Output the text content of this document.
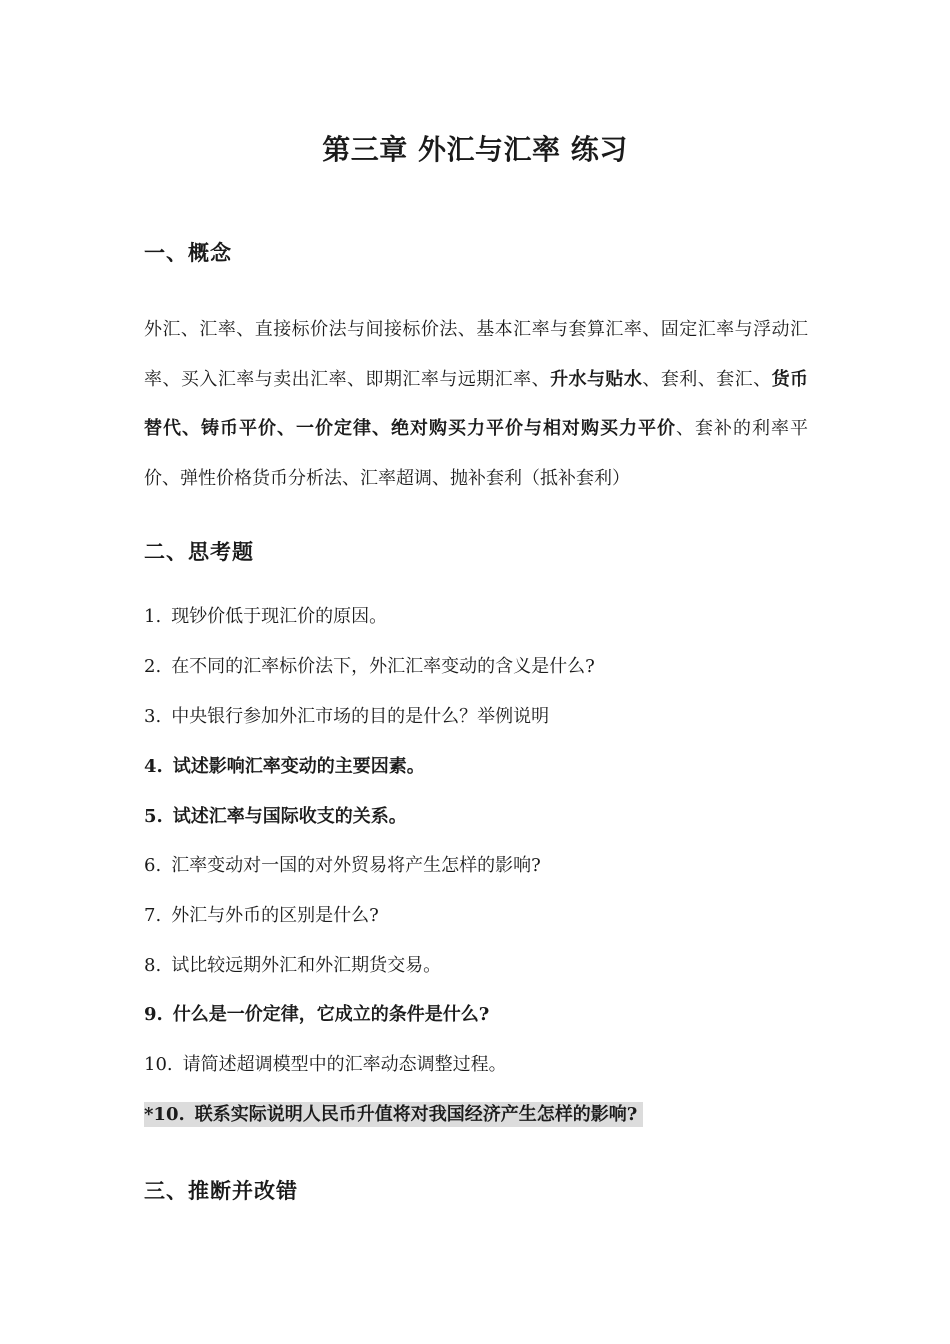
第三章 外汇与汇率 练习
一、概念
外汇、汇率、直接标价法与间接标价法、基本汇率与套算汇率、固定汇率与浮动汇率、买入汇率与卖出汇率、即期汇率与远期汇率、升水与贴水、套利、套汇、货币替代、铸币平价、一价定律、绝对购买力平价与相对购买力平价、套补的利率平价、弹性价格货币分析法、汇率超调、抛补套利（抵补套利）
二、思考题
1. 现钞价低于现汇价的原因。
2. 在不同的汇率标价法下，外汇汇率变动的含义是什么?
3. 中央银行参加外汇市场的目的是什么？举例说明
4. 试述影响汇率变动的主要因素。
5. 试述汇率与国际收支的关系。
6. 汇率变动对一国的对外贸易将产生怎样的影响?
7. 外汇与外币的区别是什么?
8. 试比较远期外汇和外汇期货交易。
9. 什么是一价定律，它成立的条件是什么?
10. 请简述超调模型中的汇率动态调整过程。
*10. 联系实际说明人民币升值将对我国经济产生怎样的影响?
三、推断并改错
